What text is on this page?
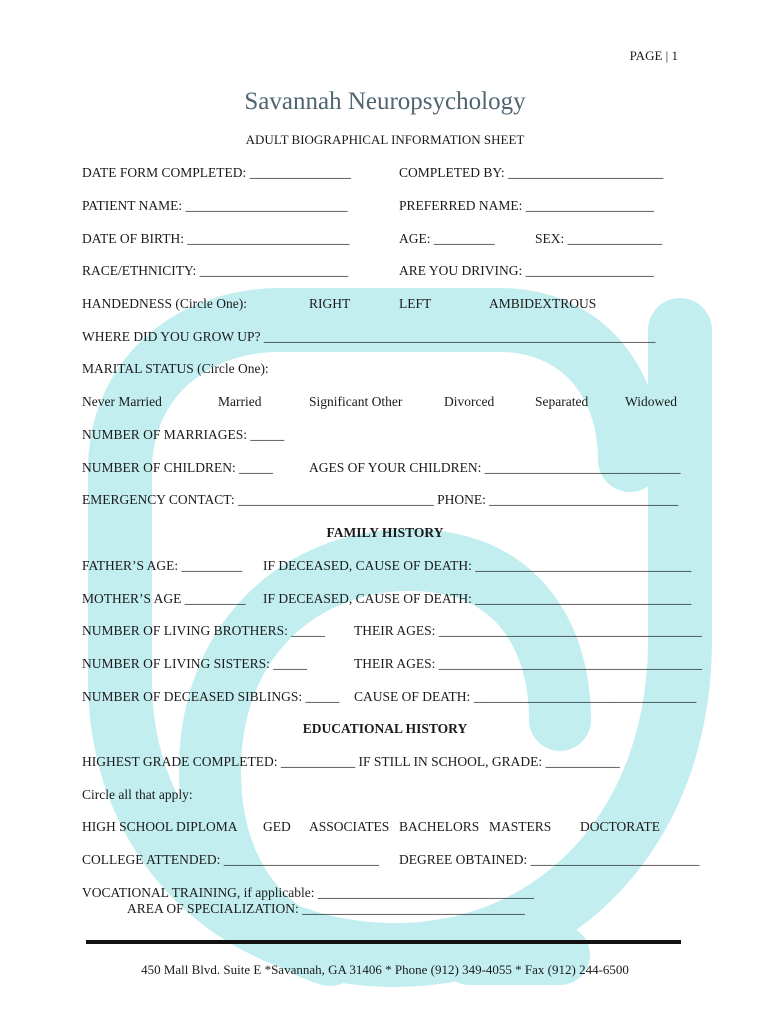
PAGE | 1
Savannah Neuropsychology
ADULT BIOGRAPHICAL INFORMATION SHEET
DATE FORM COMPLETED: _______________	COMPLETED BY: _______________________
PATIENT NAME: ________________________	PREFERRED NAME: ___________________
DATE OF BIRTH: ________________________	AGE: _________	SEX: ______________
RACE/ETHNICITY: ______________________	ARE YOU DRIVING: ___________________
HANDEDNESS (Circle One):	RIGHT	LEFT	AMBIDEXTROUS
WHERE DID YOU GROW UP? __________________________________________________________
MARITAL STATUS (Circle One):
Never Married	Married	Significant Other	Divorced	Separated	Widowed
NUMBER OF MARRIAGES: _____
NUMBER OF CHILDREN: _____	AGES OF YOUR CHILDREN: _____________________________
EMERGENCY CONTACT: _____________________________ PHONE: ____________________________
FAMILY HISTORY
FATHER’S AGE: _________ IF DECEASED, CAUSE OF DEATH: ________________________________
MOTHER’S AGE _________ IF DECEASED, CAUSE OF DEATH: ________________________________
NUMBER OF LIVING BROTHERS: _____ THEIR AGES: _______________________________________
NUMBER OF LIVING SISTERS: _____	THEIR AGES: _______________________________________
NUMBER OF DECEASED SIBLINGS: _____ CAUSE OF DEATH: _________________________________
EDUCATIONAL HISTORY
HIGHEST GRADE COMPLETED: ___________ IF STILL IN SCHOOL, GRADE: ___________
Circle all that apply:
HIGH SCHOOL DIPLOMA GED ASSOCIATES BACHELORS MASTERS DOCTORATE
COLLEGE ATTENDED: _______________________ DEGREE OBTAINED: _________________________
VOCATIONAL TRAINING, if applicable: ________________________________
AREA OF SPECIALIZATION: _________________________________
450 Mall Blvd. Suite E *Savannah, GA 31406 * Phone (912) 349-4055 * Fax (912) 244-6500
